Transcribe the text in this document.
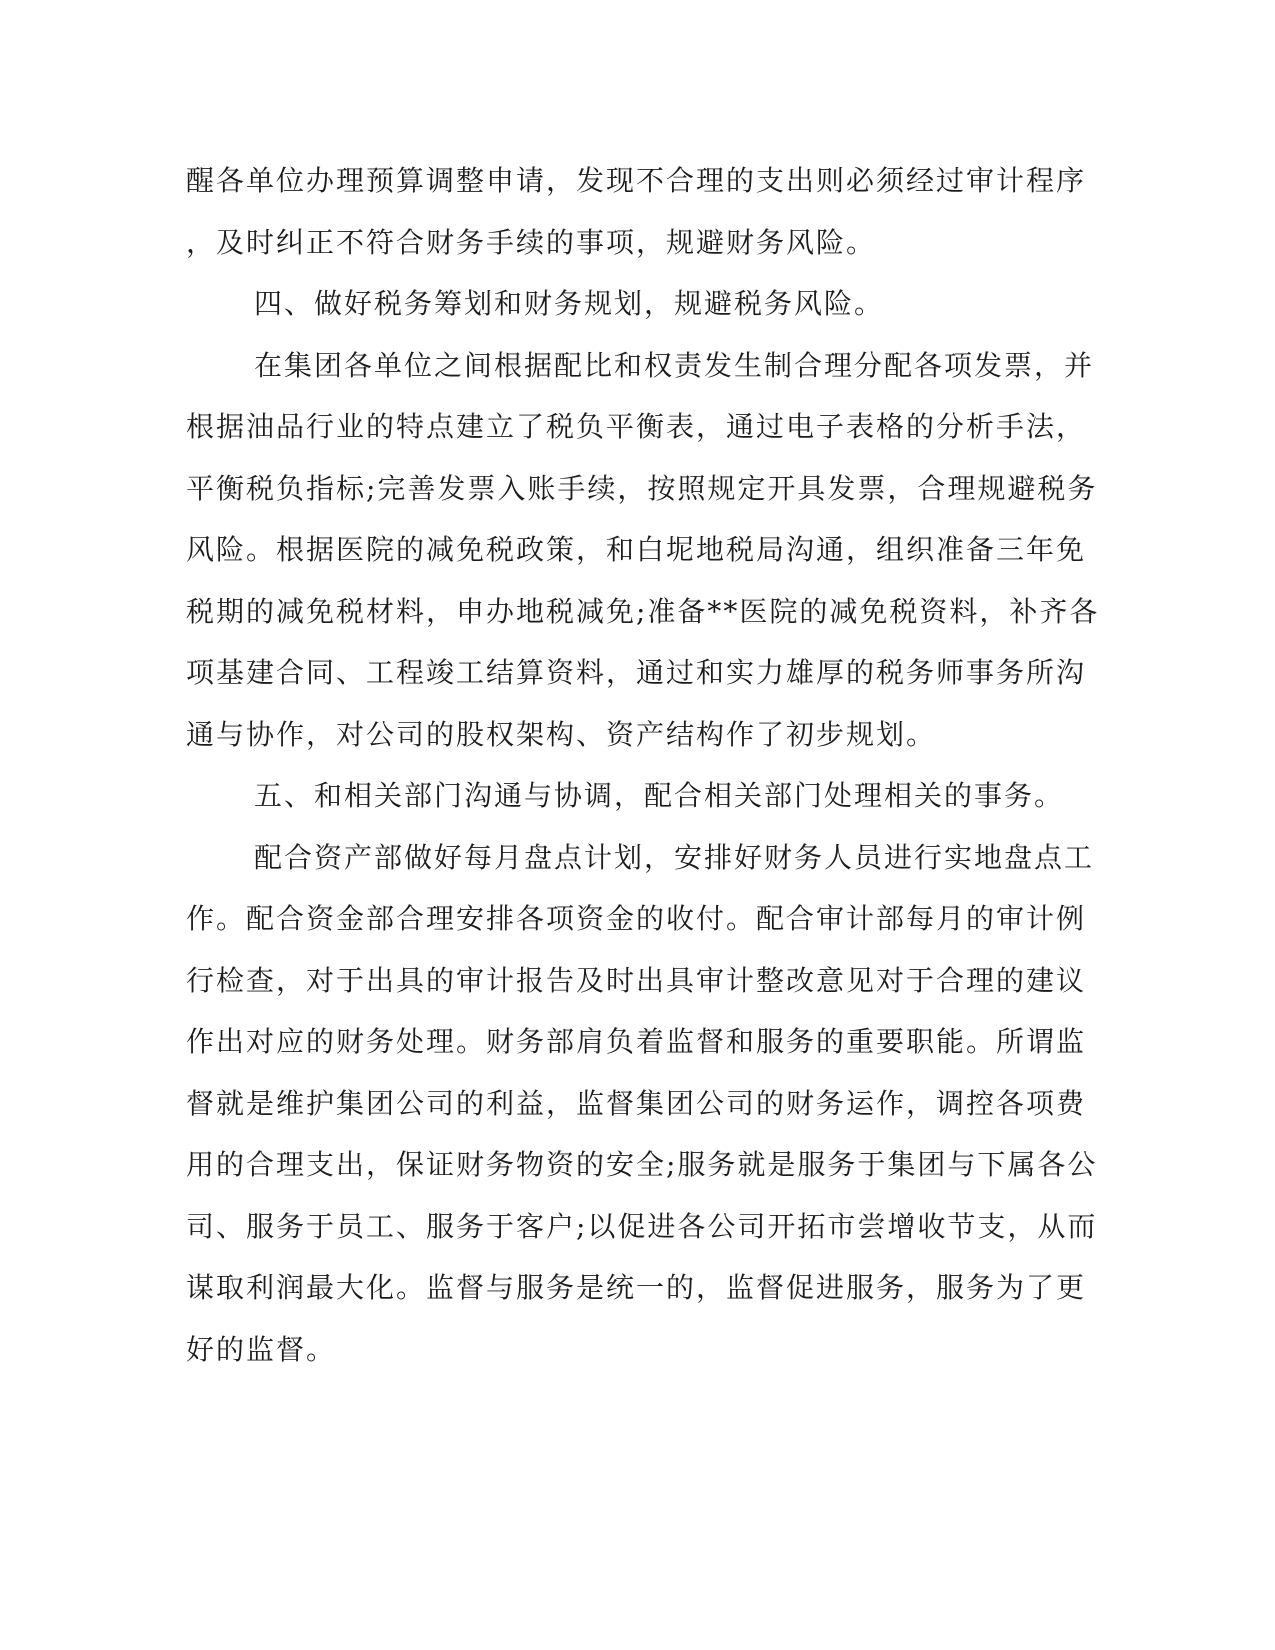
醒各单位办理预算调整申请，发现不合理的支出则必须经过审计程序
，及时纠正不符合财务手续的事项，规避财务风险。
四、做好税务筹划和财务规划，规避税务风险。
在集团各单位之间根据配比和权责发生制合理分配各项发票，并
根据油品行业的特点建立了税负平衡表，通过电子表格的分析手法，
平衡税负指标;完善发票入账手续，按照规定开具发票，合理规避税务
风险。根据医院的减免税政策，和白坭地税局沟通，组织准备三年免
税期的减免税材料，申办地税减免;准备**医院的减免税资料，补齐各
项基建合同、工程竣工结算资料，通过和实力雄厚的税务师事务所沟
通与协作，对公司的股权架构、资产结构作了初步规划。
五、和相关部门沟通与协调，配合相关部门处理相关的事务。
配合资产部做好每月盘点计划，安排好财务人员进行实地盘点工
作。配合资金部合理安排各项资金的收付。配合审计部每月的审计例
行检查，对于出具的审计报告及时出具审计整改意见对于合理的建议
作出对应的财务处理。财务部肩负着监督和服务的重要职能。所谓监
督就是维护集团公司的利益，监督集团公司的财务运作，调控各项费
用的合理支出，保证财务物资的安全;服务就是服务于集团与下属各公
司、服务于员工、服务于客户;以促进各公司开拓市尝增收节支，从而
谋取利润最大化。监督与服务是统一的，监督促进服务，服务为了更
好的监督。
